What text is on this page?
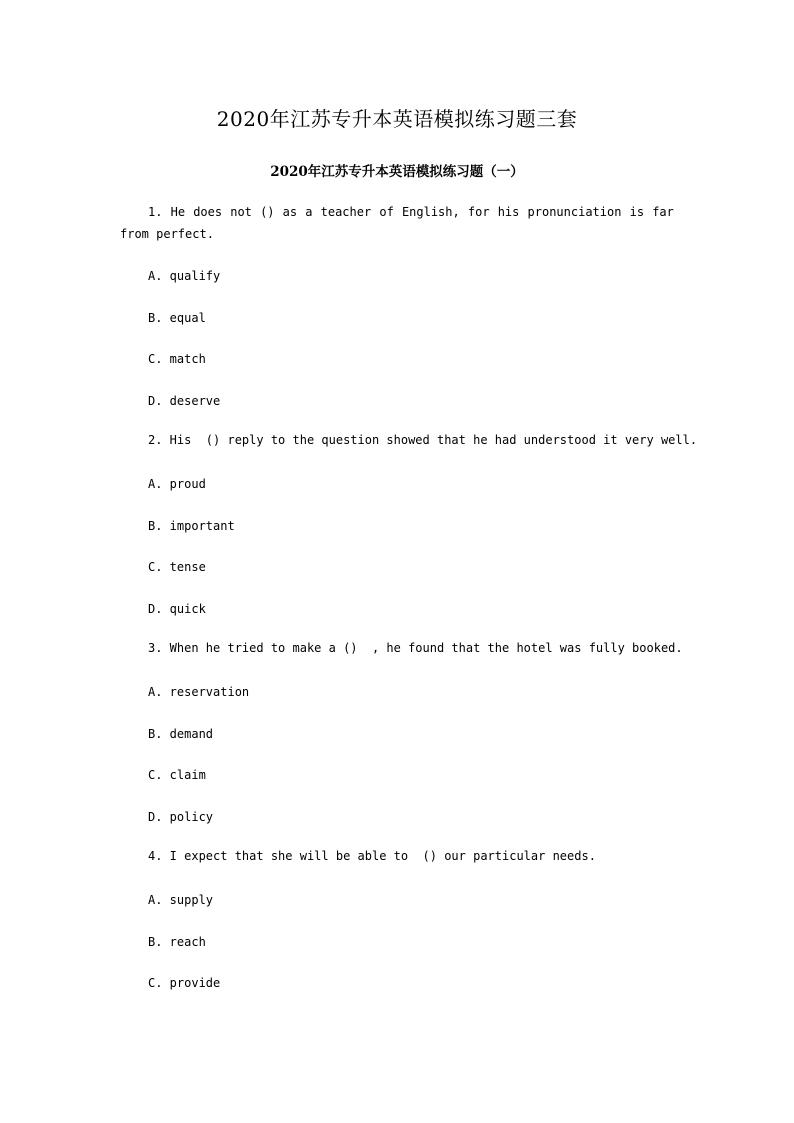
2020年江苏专升本英语模拟练习题三套
2020年江苏专升本英语模拟练习题（一）
1. He does not () as a teacher of English, for his pronunciation is far
from perfect.
A. qualify
B. equal
C. match
D. deserve
2. His  () reply to the question showed that he had understood it very well.
A. proud
B. important
C. tense
D. quick
3. When he tried to make a ()  , he found that the hotel was fully booked.
A. reservation
B. demand
C. claim
D. policy
4. I expect that she will be able to  () our particular needs.
A. supply
B. reach
C. provide
